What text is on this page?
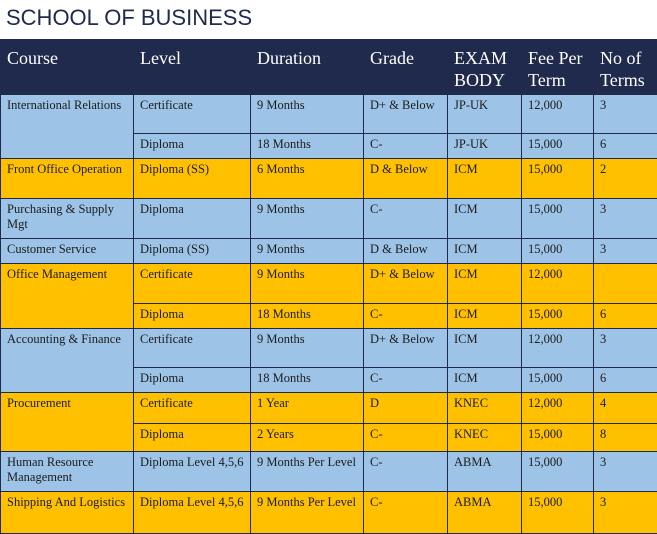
SCHOOL OF BUSINESS
Course	Level	Duration	Grade	EXAM BODY	Fee Per Term	No of Terms
International Relations	Certificate	9 Months	D+ & Below	JP-UK	12,000	3
	Diploma	18 Months	C-	JP-UK	15,000	6
Front Office Operation	Diploma (SS)	6 Months	D & Below	ICM	15,000	2
Purchasing & Supply Mgt	Diploma	9 Months	C-	ICM	15,000	3
Customer Service	Diploma (SS)	9 Months	D & Below	ICM	15,000	3
Office Management	Certificate	9 Months	D+ & Below	ICM	12,000	
	Diploma	18 Months	C-	ICM	15,000	6
Accounting & Finance	Certificate	9 Months	D+ & Below	ICM	12,000	3
	Diploma	18 Months	C-	ICM	15,000	6
Procurement	Certificate	1 Year	D	KNEC	12,000	4
	Diploma	2 Years	C-	KNEC	15,000	8
Human Resource Management	Diploma Level 4,5,6	9 Months Per Level	C-	ABMA	15,000	3
Shipping And Logistics	Diploma Level 4,5,6	9 Months Per Level	C-	ABMA	15,000	3
